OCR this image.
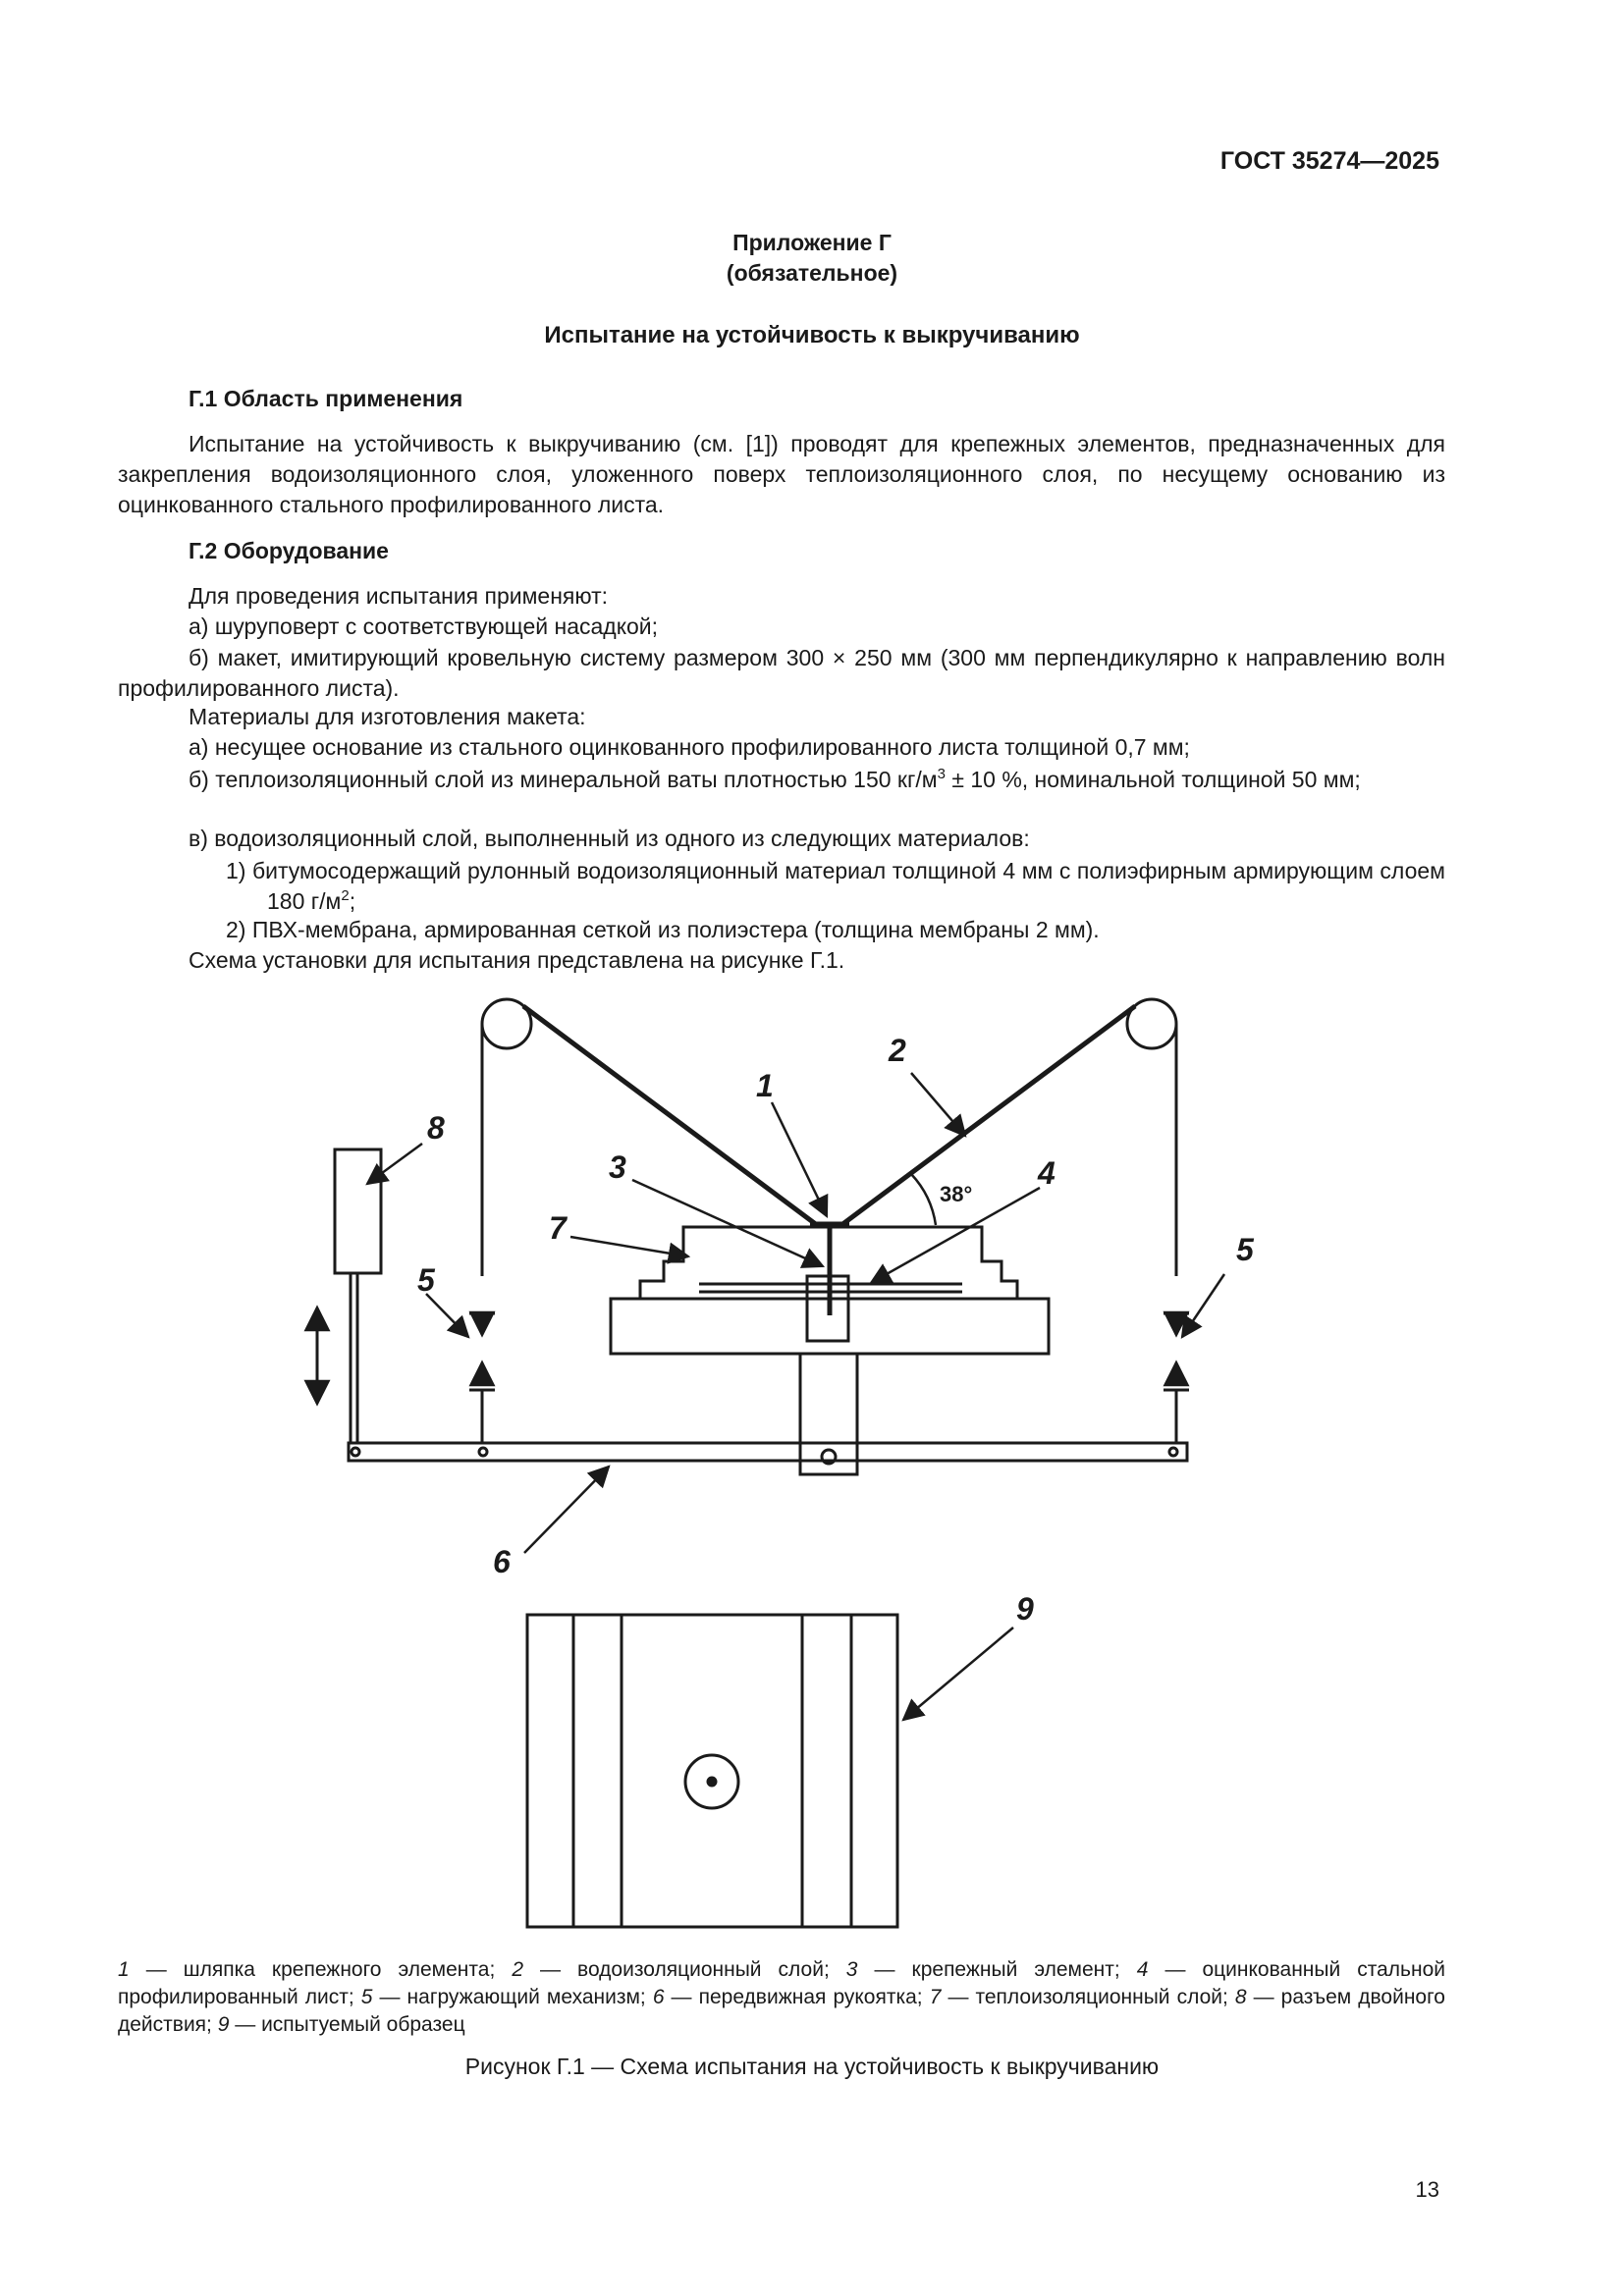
ГОСТ 35274—2025
Приложение Г
(обязательное)
Испытание на устойчивость к выкручиванию
Г.1 Область применения
Испытание на устойчивость к выкручиванию (см. [1]) проводят для крепежных элементов, предназначенных для закрепления водоизоляционного слоя, уложенного поверх теплоизоляционного слоя, по несущему основанию из оцинкованного стального профилированного листа.
Г.2 Оборудование
Для проведения испытания применяют:
а) шуруповерт с соответствующей насадкой;
б) макет, имитирующий кровельную систему размером 300 × 250 мм (300 мм перпендикулярно к направлению волн профилированного листа).
Материалы для изготовления макета:
а) несущее основание из стального оцинкованного профилированного листа толщиной 0,7 мм;
б) теплоизоляционный слой из минеральной ваты плотностью 150 $кг/м^3 \pm 10$ %, номинальной толщиной 50 мм;
в) водоизоляционный слой, выполненный из одного из следующих материалов:
1) битумосодержащий рулонный водоизоляционный материал толщиной 4 мм с полиэфирным армирующим слоем 180 $г/м^2$;
2) ПВХ-мембрана, армированная сеткой из полиэстера (толщина мембраны 2 мм).
Схема установки для испытания представлена на рисунке Г.1.
2
1
3	4
7
5
5
8
6
9
38°
1 — шляпка крепежного элемента; 2 — водоизоляционный слой; 3 — крепежный элемент; 4 — оцинкованный стальной профилированный лист; 5 — нагружающий механизм; 6 — передвижная рукоятка; 7 — теплоизоляционный слой; 8 — разъем двойного действия; 9 — испытуемый образец
Рисунок Г.1 — Схема испытания на устойчивость к выкручиванию
13
